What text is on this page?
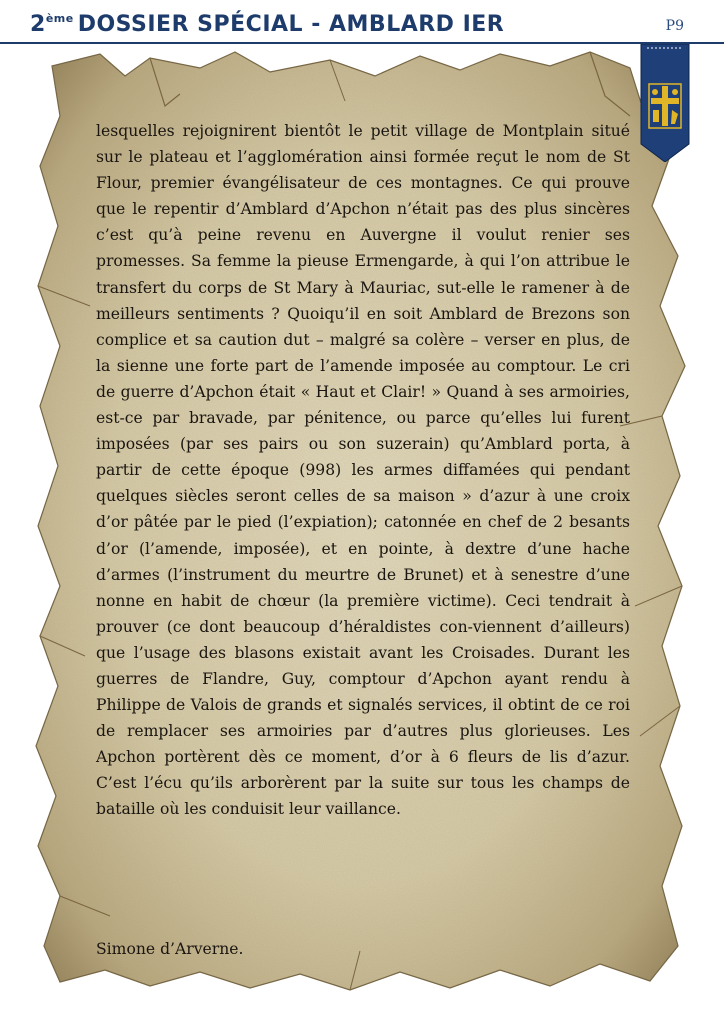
2ème DOSSIER SPÉCIAL - AMBLARD IER	P9

lesquelles rejoignirent bientôt le petit village de Montplain situé sur le plateau et l’agglomération ainsi formée reçut le nom de St Flour, premier évangélisateur de ces montagnes. Ce qui prouve que le repentir d’Amblard d’Apchon n’était pas des plus sincères c’est qu’à peine revenu en Auvergne il voulut renier ses promesses. Sa femme la pieuse Ermengarde, à qui l’on attribue le transfert du corps de St Mary à Mauriac, sut-elle le ramener à de meilleurs sentiments ? Quoiqu’il en soit Amblard de Brezons son complice et sa caution dut – malgré sa colère – verser en plus, de la sienne une forte part de l’amende imposée au comptour. Le cri de guerre d’Apchon était « Haut et Clair! » Quand à ses armoiries, est-ce par bravade, par pénitence, ou parce qu’elles lui furent imposées (par ses pairs ou son suzerain) qu’Amblard porta, à partir de cette époque (998) les armes diffamées qui pendant quelques siècles seront celles de sa maison » d’azur à une croix d’or pâtée par le pied (l’expiation); catonnée en chef de 2 besants d’or (l’amende, imposée), et en pointe, à dextre d’une hache d’armes (l’instrument du meurtre de Brunet) et à senestre d’une nonne en habit de chœur (la première victime). Ceci tendrait à prouver (ce dont beaucoup d’héraldistes con-viennent d’ailleurs) que l’usage des blasons existait avant les Croisades. Durant les guerres de Flandre, Guy, comptour d’Apchon ayant rendu à Philippe de Valois de grands et signalés services, il obtint de ce roi de remplacer ses armoiries par d’autres plus glorieuses. Les Apchon portèrent dès ce moment, d’or à 6 fleurs de lis d’azur. C’est l’écu qu’ils arborèrent par la suite sur tous les champs de bataille où les conduisit leur vaillance.

Simone d’Arverne.
